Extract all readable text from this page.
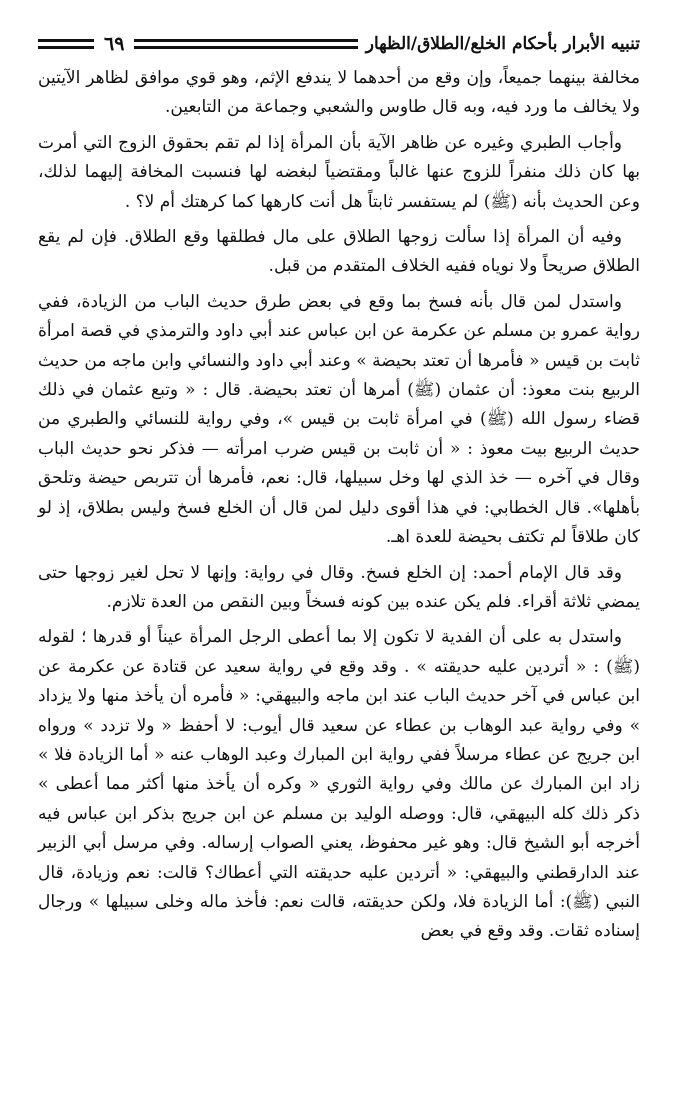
تنبيه الأبرار بأحكام الخلع/الطلاق/الظهار
٦٩

مخالفة بينهما جميعاً، وإن وقع من أحدهما لا يندفع الإثم، وهو قوي موافق لظاهر الآيتين ولا يخالف ما ورد فيه، وبه قال طاوس والشعبي وجماعة من التابعين.

وأجاب الطبري وغيره عن ظاهر الآية بأن المرأة إذا لم تقم بحقوق الزوج التي أمرت بها كان ذلك منفراً للزوج عنها غالباً ومقتضياً لبغضه لها فنسبت المخافة إليهما لذلك، وعن الحديث بأنه (ﷺ) لم يستفسر ثابتاً هل أنت كارهها كما كرهتك أم لا؟ .

وفيه أن المرأة إذا سألت زوجها الطلاق على مال فطلقها وقع الطلاق. فإن لم يقع الطلاق صريحاً ولا نوياه ففيه الخلاف المتقدم من قبل.

واستدل لمن قال بأنه فسخ بما وقع في بعض طرق حديث الباب من الزيادة، ففي رواية عمرو بن مسلم عن عكرمة عن ابن عباس عند أبي داود والترمذي في قصة امرأة ثابت بن قيس « فأمرها أن تعتد بحيضة » وعند أبي داود والنسائي وابن ماجه من حديث الربيع بنت معوذ: أن عثمان (ﷺ) أمرها أن تعتد بحيضة. قال : « وتبع عثمان في ذلك قضاء رسول الله (ﷺ) في امرأة ثابت بن قيس »، وفي رواية للنسائي والطبري من حديث الربيع بيت معوذ : « أن ثابت بن قيس ضرب امرأته — فذكر نحو حديث الباب وقال في آخره — خذ الذي لها وخل سبيلها، قال: نعم، فأمرها أن تتربص حيضة وتلحق بأهلها». قال الخطابي: في هذا أقوى دليل لمن قال أن الخلع فسخ وليس بطلاق، إذ لو كان طلاقاً لم تكتف بحيضة للعدة اهـ.

وقد قال الإمام أحمد: إن الخلع فسخ. وقال في رواية: وإنها لا تحل لغير زوجها حتى يمضي ثلاثة أقراء. فلم يكن عنده بين كونه فسخاً وبين النقص من العدة تلازم.

واستدل به على أن الفدية لا تكون إلا بما أعطى الرجل المرأة عيناً أو قدرها ؛ لقوله (ﷺ) : « أتردين عليه حديقته » . وقد وقع في رواية سعيد عن قتادة عن عكرمة عن ابن عباس في آخر حديث الباب عند ابن ماجه والبيهقي: « فأمره أن يأخذ منها ولا يزداد » وفي رواية عبد الوهاب بن عطاء عن سعيد قال أيوب: لا أحفظ « ولا تزدد » ورواه ابن جريج عن عطاء مرسلاً ففي رواية ابن المبارك وعبد الوهاب عنه « أما الزيادة فلا » زاد ابن المبارك عن مالك وفي رواية الثوري « وكره أن يأخذ منها أكثر مما أعطى » ذكر ذلك كله البيهقي، قال: ووصله الوليد بن مسلم عن ابن جريج بذكر ابن عباس فيه أخرجه أبو الشيخ قال: وهو غير محفوظ، يعني الصواب إرساله. وفي مرسل أبي الزبير عند الدارقطني والبيهقي: « أتردين عليه حديقته التي أعطاك؟ قالت: نعم وزيادة، قال النبي (ﷺ): أما الزيادة فلا، ولكن حديقته، قالت نعم: فأخذ ماله وخلى سبيلها » ورجال إسناده ثقات. وقد وقع في بعض
